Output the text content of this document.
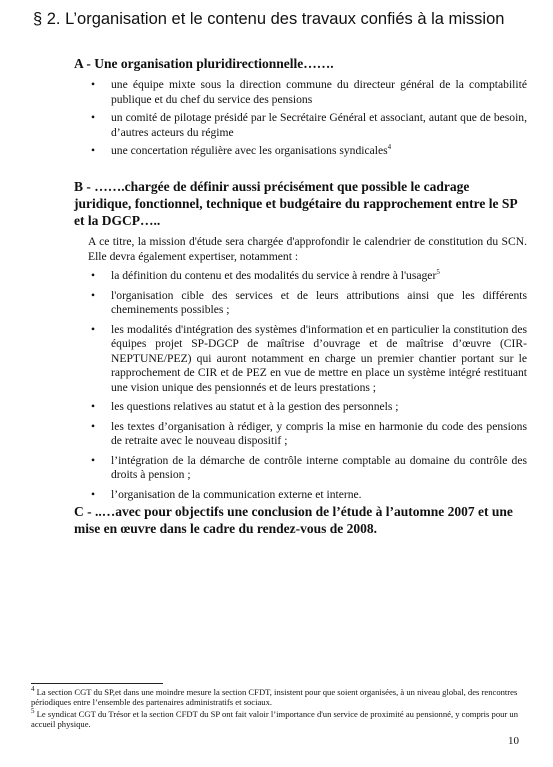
§ 2. L’organisation et le contenu des travaux confiés à la mission

A - Une organisation pluridirectionnelle…….

• une équipe mixte sous la direction commune du directeur général de la comptabilité publique et du chef du service des pensions
• un comité de pilotage présidé par le Secrétaire Général et associant, autant que de besoin, d’autres acteurs du régime
• une concertation régulière avec les organisations syndicales$^4$

B - …….chargée de définir aussi précisément que possible le cadrage juridique, fonctionnel, technique et budgétaire du rapprochement entre le SP et la DGCP…..

A ce titre, la mission d'étude sera chargée d'approfondir le calendrier de constitution du SCN. Elle devra également expertiser, notamment :

• la définition du contenu et des modalités du service à rendre à l'usager$^5$
• l'organisation cible des services et de leurs attributions ainsi que les différents cheminements possibles ;
• les modalités d'intégration des systèmes d'information et en particulier la constitution des équipes projet SP-DGCP de maîtrise d’ouvrage et de maîtrise d’œuvre (CIR-NEPTUNE/PEZ) qui auront notamment en charge un premier chantier portant sur le rapprochement de CIR et de PEZ en vue de mettre en place un système intégré restituant une vision unique des pensionnés et de leurs prestations ;
• les questions relatives au statut et à la gestion des personnels ;
• les textes d’organisation à rédiger, y compris la mise en harmonie du code des pensions de retraite avec le nouveau dispositif ;
• l’intégration de la démarche de contrôle interne comptable au domaine du contrôle des droits à pension ;
• l’organisation de la communication externe et interne.

C - ..…avec pour objectifs une conclusion de l’étude à l’automne 2007 et une mise en œuvre dans le cadre du rendez-vous de 2008.

$^4$ La section CGT du SP,et dans une moindre mesure la section CFDT, insistent pour que soient organisées, à un niveau global, des rencontres périodiques entre l’ensemble des partenaires administratifs et sociaux.

$^5$ Le syndicat CGT du Trésor et la section CFDT du SP ont fait valoir l’importance d'un service de proximité au pensionné, y compris pour un accueil physique.

10
